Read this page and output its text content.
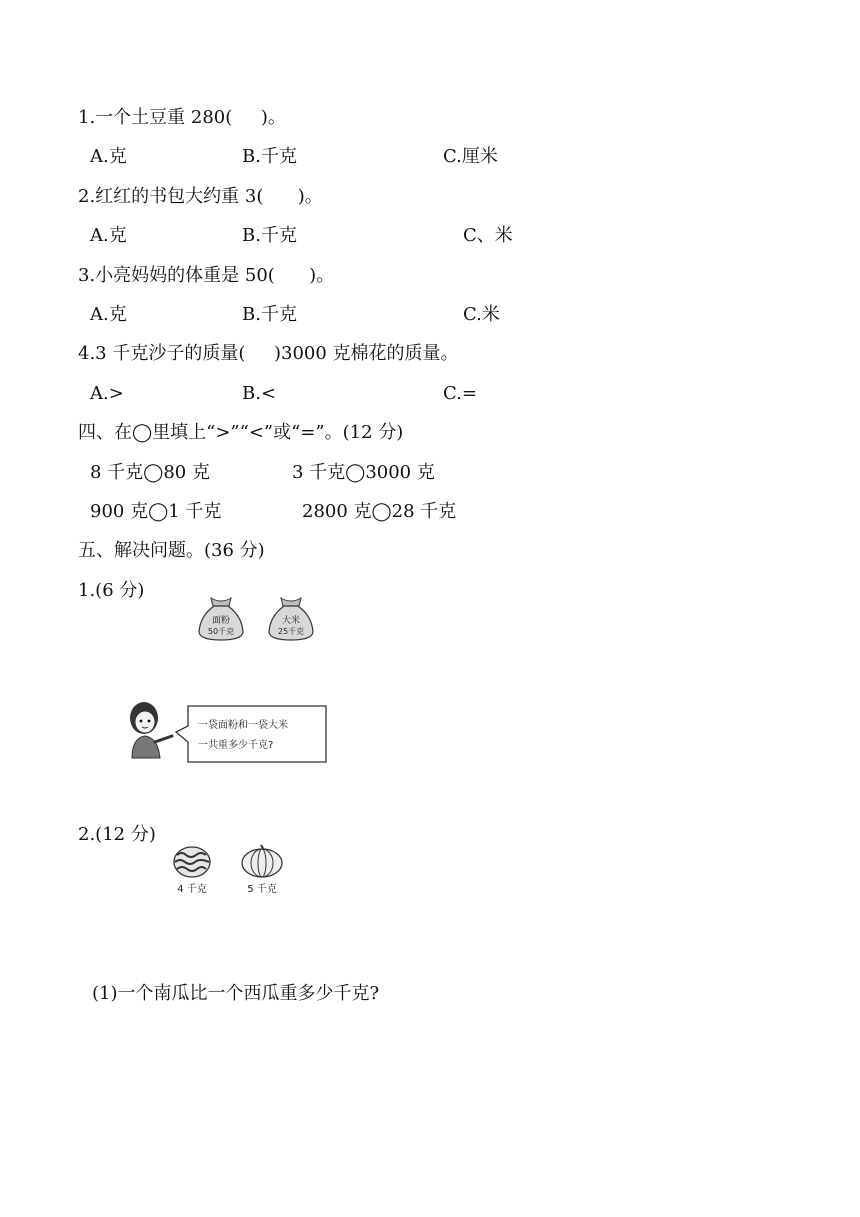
1.一个土豆重 280(     )。
A.克	B.千克	C.厘米
2.红红的书包大约重 3(      )。
A.克	B.千克	C、米
3.小亮妈妈的体重是 50(      )。
A.克	B.千克	C.米
4.3 千克沙子的质量(     )3000 克棉花的质量。
A.>	B.<	C.=
四、在◯里填上“>”“<”或“=”。(12 分)
8 千克◯80 克	3 千克◯3000 克
900 克◯1 千克	2800 克◯28 千克
五、解决问题。(36 分)
1.(6 分)
面粉
50千克
大米
25千克
一袋面粉和一袋大米
一共重多少千克?
2.(12 分)
4 千克	5 千克
(1)一个南瓜比一个西瓜重多少千克?
